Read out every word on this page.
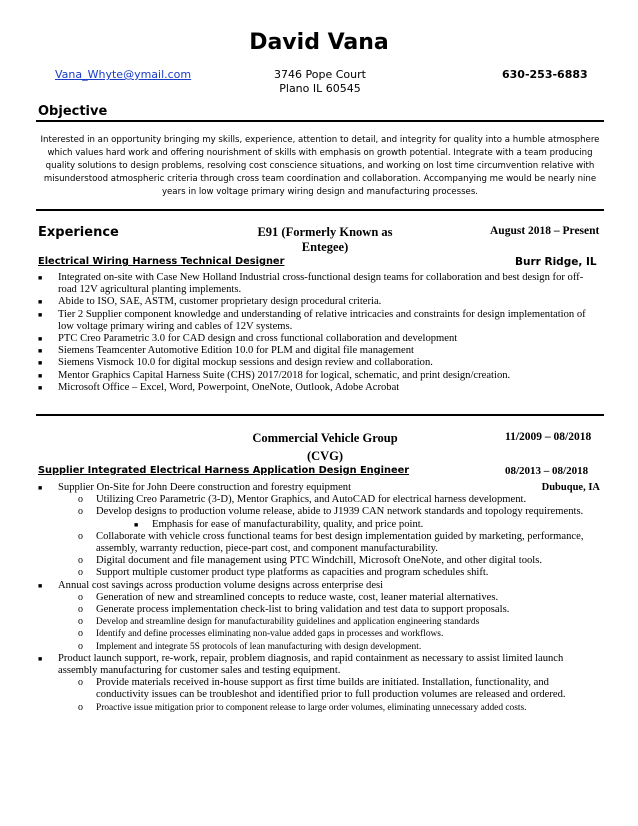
David Vana
Vana_Whyte@ymail.com	3746 Pope Court
Plano IL 60545
630-253-6883
Objective
Interested in an opportunity bringing my skills, experience, attention to detail, and integrity for quality into a humble atmosphere which values hard work and offering nourishment of skills with emphasis on growth potential. Integrate with a team producing quality solutions to design problems, resolving cost conscience situations, and working on lost time circumvention relative with misunderstood atmospheric criteria through cross team coordination and collaboration. Accompanying me would be nearly nine years in low voltage primary wiring design and manufacturing processes.
Experience	E91 (Formerly Known as
Entegee)
August 2018 – Present
Electrical Wiring Harness Technical Designer	Burr Ridge, IL
■ Integrated on-site with Case New Holland Industrial cross-functional design teams for collaboration and best design for off-road 12V agricultural planting implements.
■ Abide to ISO, SAE, ASTM, customer proprietary design procedural criteria.
■ Tier 2 Supplier component knowledge and understanding of relative intricacies and constraints for design implementation of low voltage primary wiring and cables of 12V systems.
■ PTC Creo Parametric 3.0 for CAD design and cross functional collaboration and development
■ Siemens Teamcenter Automotive Edition 10.0 for PLM and digital file management
■ Siemens Vismock 10.0 for digital mockup sessions and design review and collaboration.
■ Mentor Graphics Capital Harness Suite (CHS) 2017/2018 for logical, schematic, and print design/creation.
■ Microsoft Office – Excel, Word, Powerpoint, OneNote, Outlook, Adobe Acrobat
Commercial Vehicle Group
(CVG)
11/2009 – 08/2018
Supplier Integrated Electrical Harness Application Design Engineer	08/2013 – 08/2018
■ Supplier On-Site for John Deere construction and forestry equipment	Dubuque, IA
o Utilizing Creo Parametric (3-D), Mentor Graphics, and AutoCAD for electrical harness development.
o Develop designs to production volume release, abide to J1939 CAN network standards and topology requirements.
■ Emphasis for ease of manufacturability, quality, and price point.
o Collaborate with vehicle cross functional teams for best design implementation guided by marketing, performance, assembly, warranty reduction, piece-part cost, and component manufacturability.
o Digital document and file management using PTC Windchill, Microsoft OneNote, and other digital tools.
o Support multiple customer product type platforms as capacities and program schedules shift.
■ Annual cost savings across production volume designs across enterprise desi
o Generation of new and streamlined concepts to reduce waste, cost, leaner material alternatives.
o Generate process implementation check-list to bring validation and test data to support proposals.
o Develop and streamline design for manufacturability guidelines and application engineering standards
o Identify and define processes eliminating non-value added gaps in processes and workflows.
o Implement and integrate 5S protocols of lean manufacturing with design development.
■ Product launch support, re-work, repair, problem diagnosis, and rapid containment as necessary to assist limited launch assembly manufacturing for customer sales and testing equipment.
o Provide materials received in-house support as first time builds are initiated. Installation, functionality, and conductivity issues can be troubleshot and identified prior to full production volumes are released and ordered.
o Proactive issue mitigation prior to component release to large order volumes, eliminating unnecessary added costs.
